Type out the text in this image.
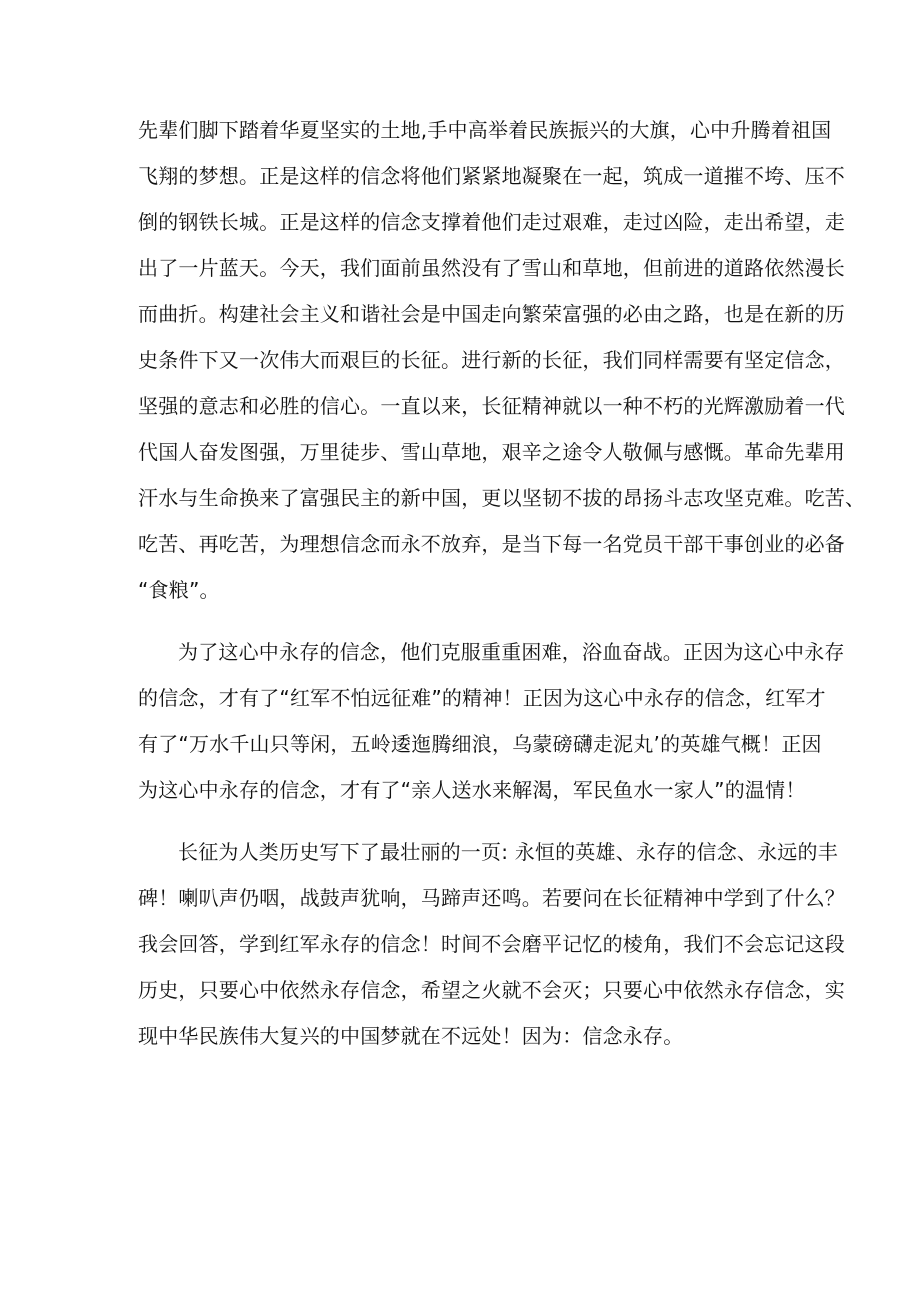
先辈们脚下踏着华夏坚实的土地,手中高举着民族振兴的大旗，心中升腾着祖国
飞翔的梦想。正是这样的信念将他们紧紧地凝聚在一起，筑成一道摧不垮、压不
倒的钢铁长城。正是这样的信念支撑着他们走过艰难，走过凶险，走出希望，走
出了一片蓝天。今天，我们面前虽然没有了雪山和草地，但前进的道路依然漫长
而曲折。构建社会主义和谐社会是中国走向繁荣富强的必由之路，也是在新的历
史条件下又一次伟大而艰巨的长征。进行新的长征，我们同样需要有坚定信念，
坚强的意志和必胜的信心。一直以来，长征精神就以一种不朽的光辉激励着一代
代国人奋发图强，万里徒步、雪山草地，艰辛之途令人敬佩与感慨。革命先辈用
汗水与生命换来了富强民主的新中国，更以坚韧不拔的昂扬斗志攻坚克难。吃苦、
吃苦、再吃苦，为理想信念而永不放弃，是当下每一名党员干部干事创业的必备
“食粮”。
为了这心中永存的信念，他们克服重重困难，浴血奋战。正因为这心中永存
的信念，才有了“红军不怕远征难”的精神！正因为这心中永存的信念，红军才
有了“万水千山只等闲，五岭逶迤腾细浪，乌蒙磅礴走泥丸’的英雄气概！正因
为这心中永存的信念，才有了“亲人送水来解渴，军民鱼水一家人”的温情！
长征为人类历史写下了最壮丽的一页: 永恒的英雄、永存的信念、永远的丰
碑！喇叭声仍咽，战鼓声犹响，马蹄声还鸣。若要问在长征精神中学到了什么？
我会回答，学到红军永存的信念！时间不会磨平记忆的棱角，我们不会忘记这段
历史，只要心中依然永存信念，希望之火就不会灭；只要心中依然永存信念，实
现中华民族伟大复兴的中国梦就在不远处！因为：信念永存。
